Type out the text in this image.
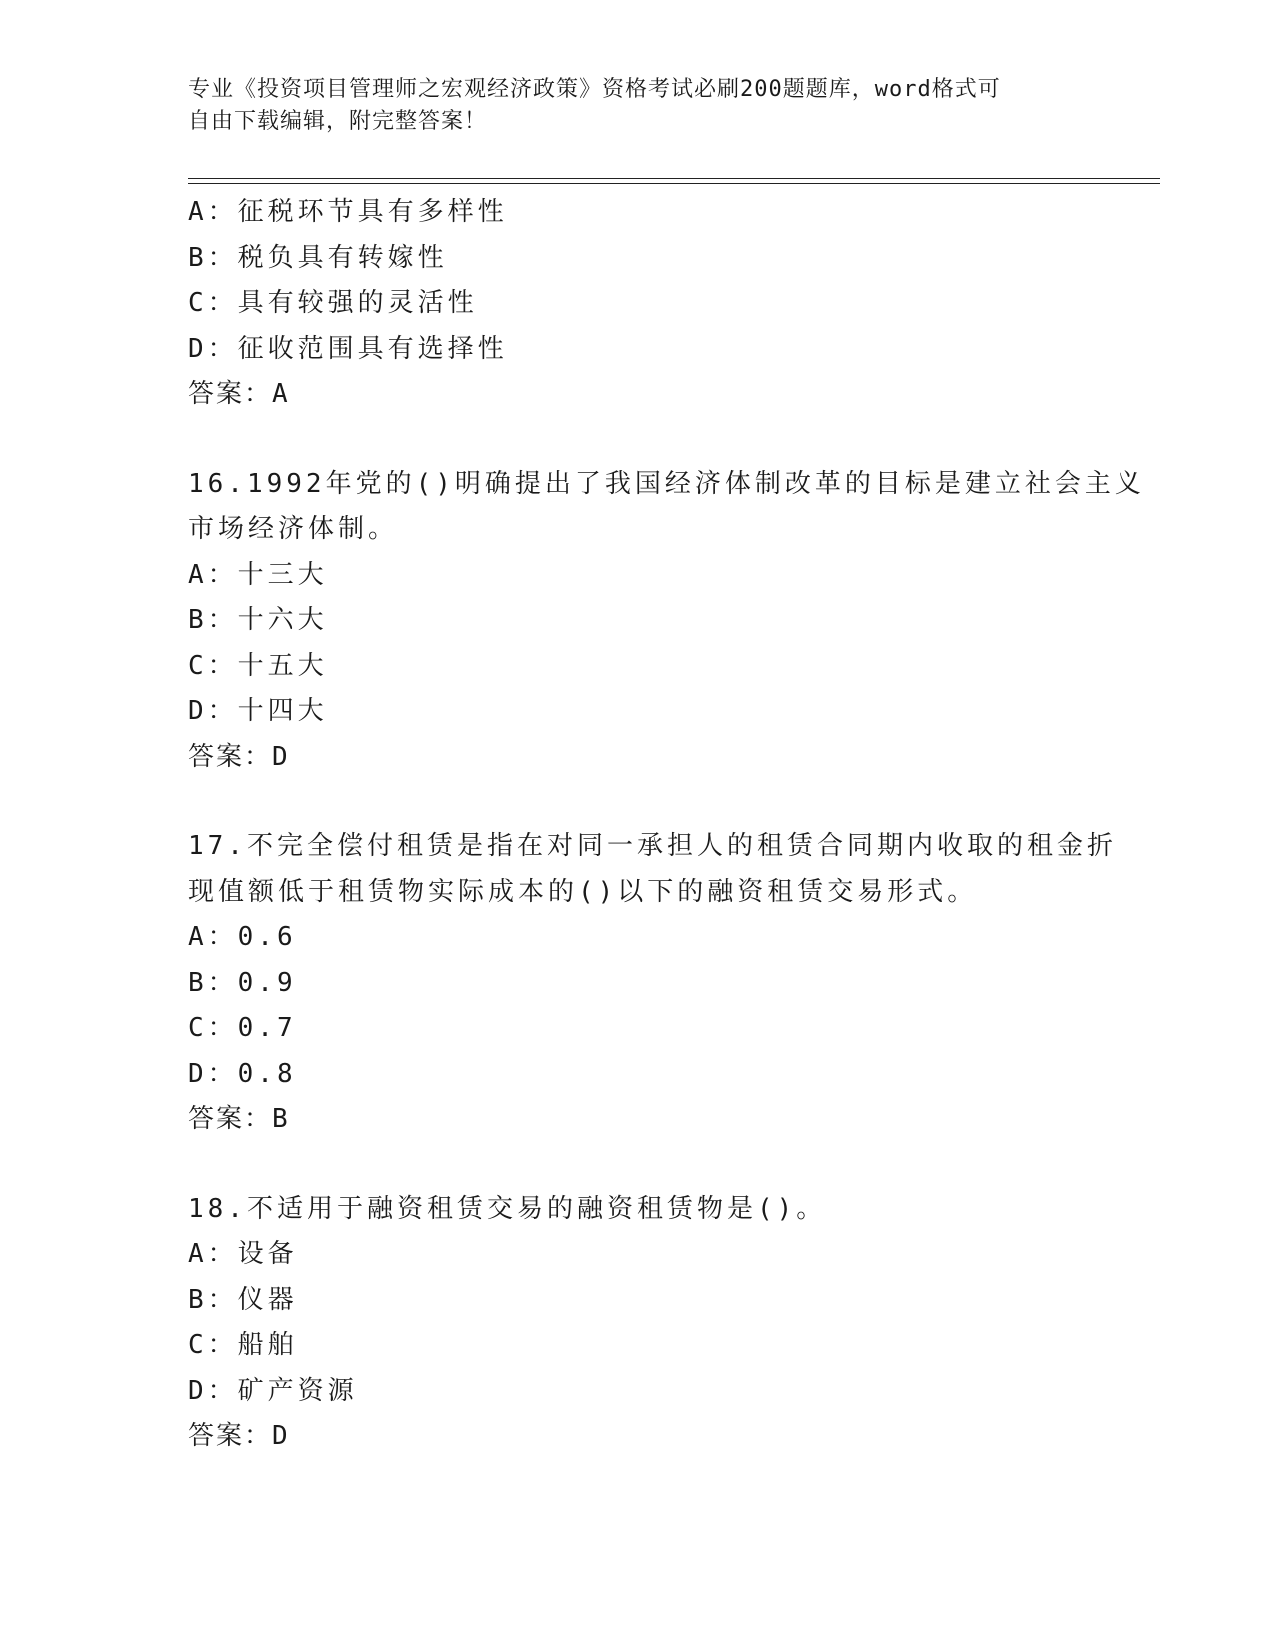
专业《投资项目管理师之宏观经济政策》资格考试必刷200题题库，word格式可
自由下载编辑，附完整答案！
A：征税环节具有多样性
B：税负具有转嫁性
C：具有较强的灵活性
D：征收范围具有选择性
答案：A
16.1992年党的()明确提出了我国经济体制改革的目标是建立社会主义
市场经济体制。
A：十三大
B：十六大
C：十五大
D：十四大
答案：D
17.不完全偿付租赁是指在对同一承担人的租赁合同期内收取的租金折
现值额低于租赁物实际成本的()以下的融资租赁交易形式。
A：0.6
B：0.9
C：0.7
D：0.8
答案：B
18.不适用于融资租赁交易的融资租赁物是()。
A：设备
B：仪器
C：船舶
D：矿产资源
答案：D
